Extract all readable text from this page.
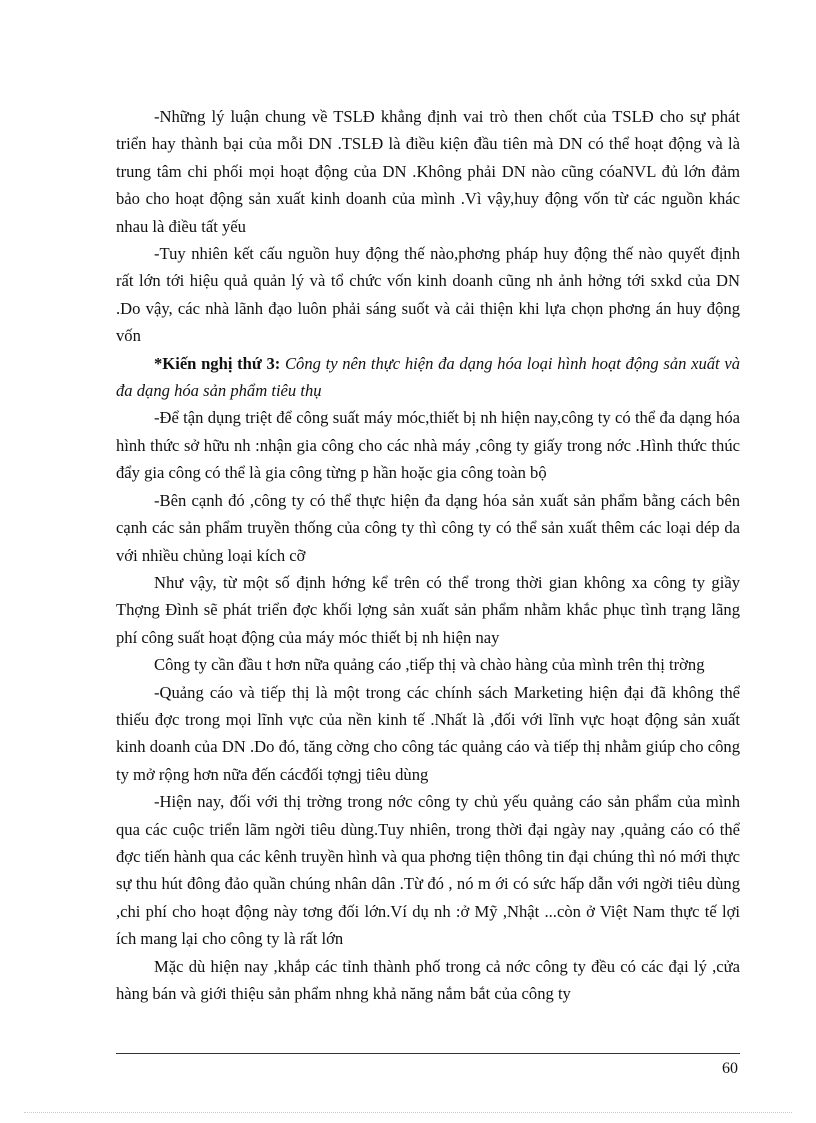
-Những lý luận chung về TSLĐ khẳng định vai trò then chốt của TSLĐ cho sự phát triển hay thành bại của mỗi DN .TSLĐ là điều kiện đầu tiên mà DN có thể hoạt động và là trung tâm chi phối mọi hoạt động của DN .Không phải DN nào cũng cóaNVL đủ lớn đảm bảo cho hoạt động sản xuất kinh doanh của mình .Vì vậy,huy động vốn từ các nguồn khác nhau là điều tất yếu

-Tuy nhiên kết cấu nguồn huy động thế nào,phơng pháp huy động thế nào quyết định rất lớn tới hiệu quả quản lý và tổ chức vốn kinh doanh cũng nh ảnh hởng tới sxkd của DN .Do vậy, các nhà lãnh đạo luôn phải sáng suốt và cải thiện khi lựa chọn phơng án huy động vốn

*Kiến nghị thứ 3: Công ty nên thực hiện đa dạng hóa loại hình hoạt động sản xuất và đa dạng hóa sản phẩm tiêu thụ

-Để tận dụng triệt để công suất máy móc,thiết bị nh hiện nay,công ty có thể đa dạng hóa hình thức sở hữu nh :nhận gia công cho các nhà máy ,công ty giấy trong nớc .Hình thức thúc đẩy gia công có thể là gia công từng p hần hoặc gia công toàn bộ

-Bên cạnh đó ,công ty có thể thực hiện đa dạng hóa sản xuất sản phẩm bằng cách bên cạnh các sản phẩm truyền thống của công ty thì công ty có thể sản xuất thêm các loại dép da với nhiều chủng loại kích cỡ

Như vậy, từ một số định hớng kể trên có thể trong thời gian không xa công ty giầy Thợng Đình sẽ phát triển đợc khối lợng sản xuất sản phẩm nhằm khắc phục tình trạng lãng phí công suất hoạt động của máy móc thiết bị nh hiện nay

Công ty cần đầu t hơn nữa quảng cáo ,tiếp thị và chào hàng của mình trên thị trờng

-Quảng cáo và tiếp thị là một trong các chính sách Marketing hiện đại đã không thể thiếu đợc trong mọi lĩnh vực của nền kinh tế .Nhất là ,đối với lĩnh vực hoạt động sản xuất kinh doanh của DN .Do đó, tăng cờng cho công tác quảng cáo và tiếp thị nhằm giúp cho công ty mở rộng hơn nữa đến cácđối tợngj tiêu dùng

-Hiện nay, đối với thị trờng trong nớc công ty chủ yếu quảng cáo sản phẩm của mình qua các cuộc triển lãm ngời tiêu dùng.Tuy nhiên, trong thời đại ngày nay ,quảng cáo có thể đợc tiến hành qua các kênh truyền hình và qua phơng tiện thông tin đại chúng thì nó mới thực sự thu hút đông đảo quần chúng nhân dân .Từ đó , nó m ới có sức hấp dẫn với ngời tiêu dùng ,chi phí cho hoạt động này tơng đối lớn.Ví dụ nh :ở Mỹ ,Nhật ...còn ở Việt Nam thực tế lợi ích mang lại cho công ty là rất lớn

Mặc dù hiện nay ,khắp các tỉnh thành phố trong cả nớc công ty đều có các đại lý ,cửa hàng bán và giới thiệu sản phẩm nhng khả năng nắm bắt của công ty

60
